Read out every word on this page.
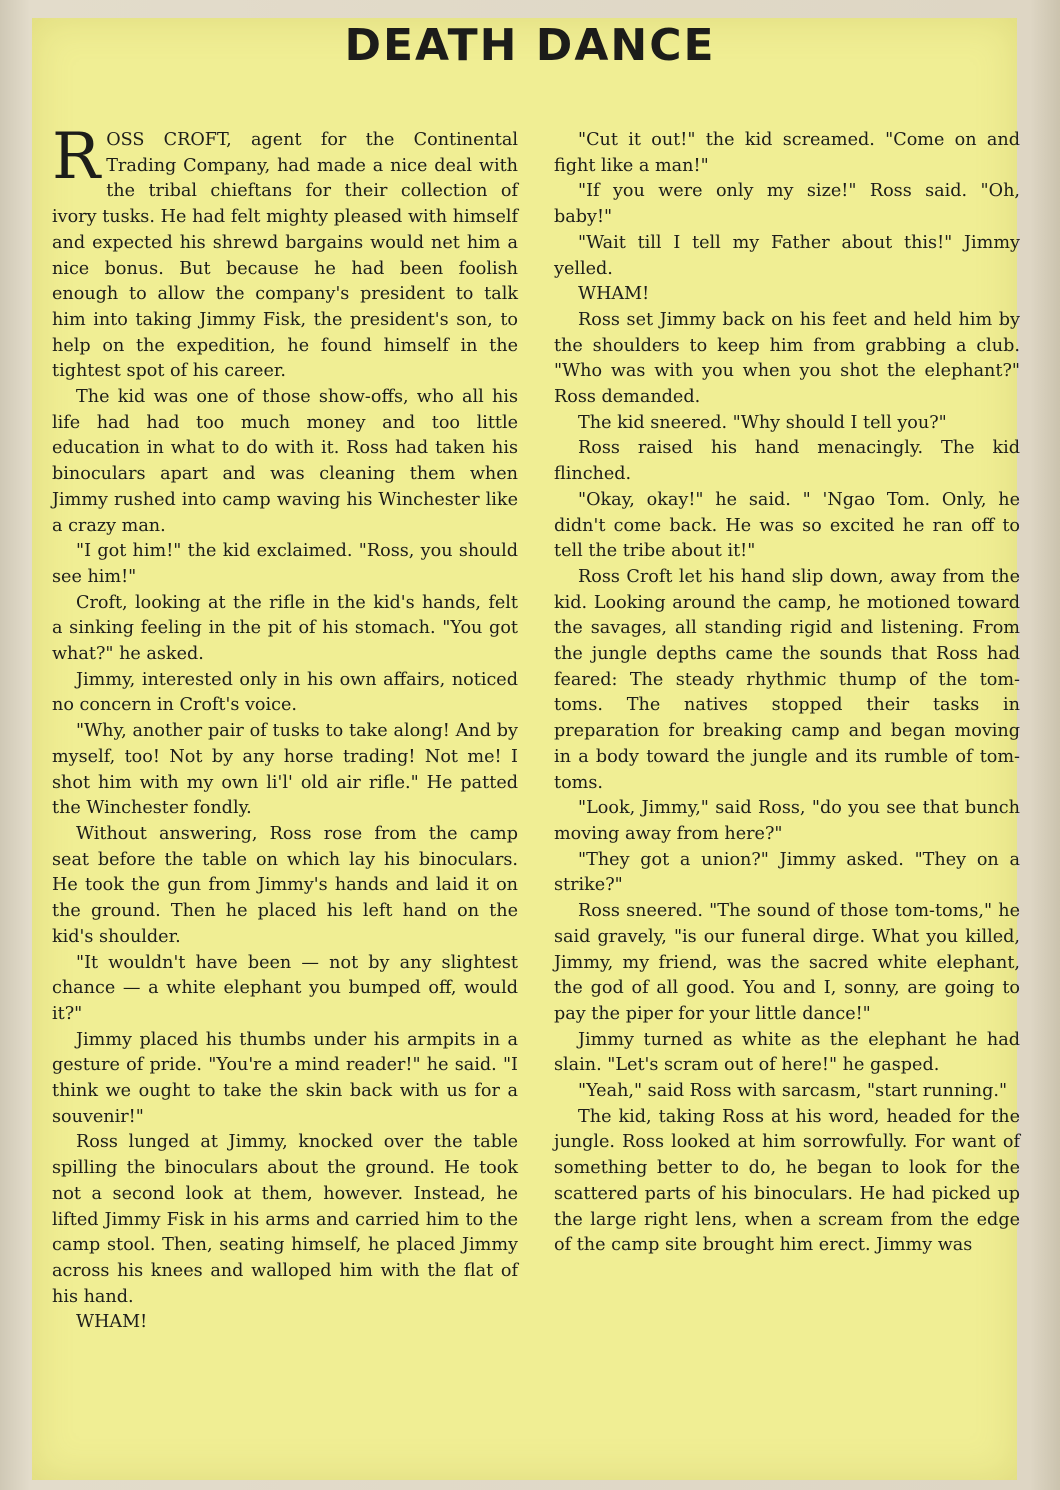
DEATH DANCE

ROSS CROFT, agent for the Continental Trading Company, had made a nice deal with the tribal chieftans for their collection of ivory tusks. He had felt mighty pleased with himself and expected his shrewd bargains would net him a nice bonus. But because he had been foolish enough to allow the company's president to talk him into taking Jimmy Fisk, the president's son, to help on the expedition, he found himself in the tightest spot of his career.

The kid was one of those show-offs, who all his life had had too much money and too little education in what to do with it. Ross had taken his binoculars apart and was cleaning them when Jimmy rushed into camp waving his Winchester like a crazy man.

"I got him!" the kid exclaimed. "Ross, you should see him!"

Croft, looking at the rifle in the kid's hands, felt a sinking feeling in the pit of his stomach. "You got what?" he asked.

Jimmy, interested only in his own affairs, noticed no concern in Croft's voice.

"Why, another pair of tusks to take along! And by myself, too! Not by any horse trading! Not me! I shot him with my own li'l' old air rifle." He patted the Winchester fondly.

Without answering, Ross rose from the camp seat before the table on which lay his binoculars. He took the gun from Jimmy's hands and laid it on the ground. Then he placed his left hand on the kid's shoulder.

"It wouldn't have been — not by any slightest chance — a white elephant you bumped off, would it?"

Jimmy placed his thumbs under his armpits in a gesture of pride. "You're a mind reader!" he said. "I think we ought to take the skin back with us for a souvenir!"

Ross lunged at Jimmy, knocked over the table spilling the binoculars about the ground. He took not a second look at them, however. Instead, he lifted Jimmy Fisk in his arms and carried him to the camp stool. Then, seating himself, he placed Jimmy across his knees and walloped him with the flat of his hand.

WHAM!

"Cut it out!" the kid screamed. "Come on and fight like a man!"

"If you were only my size!" Ross said. "Oh, baby!"

"Wait till I tell my Father about this!" Jimmy yelled.

WHAM!

Ross set Jimmy back on his feet and held him by the shoulders to keep him from grabbing a club. "Who was with you when you shot the elephant?" Ross demanded.

The kid sneered. "Why should I tell you?"

Ross raised his hand menacingly. The kid flinched.

"Okay, okay!" he said. " 'Ngao Tom. Only, he didn't come back. He was so excited he ran off to tell the tribe about it!"

Ross Croft let his hand slip down, away from the kid. Looking around the camp, he motioned toward the savages, all standing rigid and listening. From the jungle depths came the sounds that Ross had feared: The steady rhythmic thump of the tom-toms. The natives stopped their tasks in preparation for breaking camp and began moving in a body toward the jungle and its rumble of tom-toms.

"Look, Jimmy," said Ross, "do you see that bunch moving away from here?"

"They got a union?" Jimmy asked. "They on a strike?"

Ross sneered. "The sound of those tom-toms," he said gravely, "is our funeral dirge. What you killed, Jimmy, my friend, was the sacred white elephant, the god of all good. You and I, sonny, are going to pay the piper for your little dance!"

Jimmy turned as white as the elephant he had slain. "Let's scram out of here!" he gasped.

"Yeah," said Ross with sarcasm, "start running."

The kid, taking Ross at his word, headed for the jungle. Ross looked at him sorrowfully. For want of something better to do, he began to look for the scattered parts of his binoculars. He had picked up the large right lens, when a scream from the edge of the camp site brought him erect. Jimmy was
